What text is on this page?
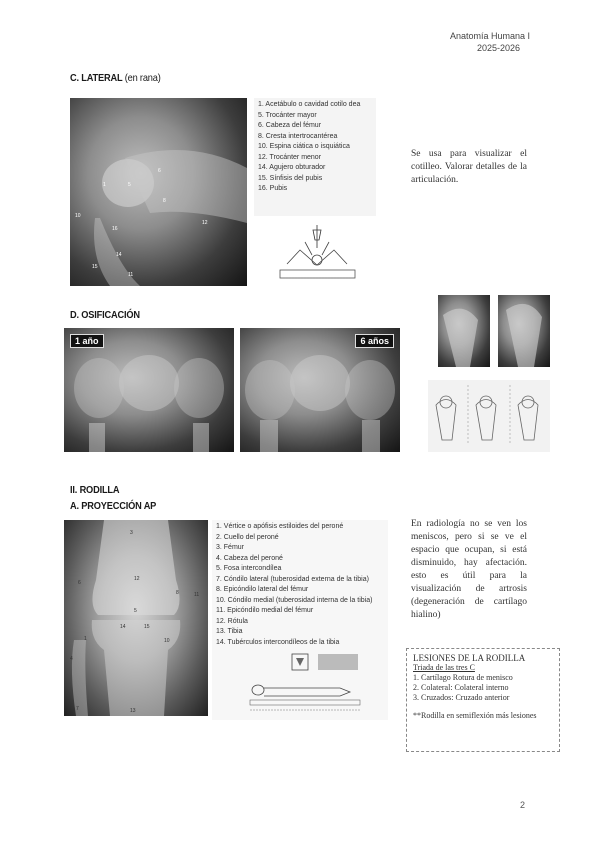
Anatomía Humana I
2025-2026
C. LATERAL (en rana)
10
1	5
6
8
12
16
14
15
11
1. Acetábulo o cavidad cotilo dea
5. Trocánter mayor
6. Cabeza del fémur
8. Cresta intertrocantérea
10. Espina ciática o isquiática
12. Trocánter menor
14. Agujero obturador
15. Sínfisis del pubis
16. Pubis
Se usa para visualizar el cotilleo. Valorar detalles de la articulación.
D. OSIFICACIÓN
1 año	6 años
II. RODILLA
A. PROYECCIÓN AP
3
6
12
11
8
5
14	15
1	10
4
7	13
1. Vértice o apófisis estiloides del peroné
2. Cuello del peroné
3. Fémur
4. Cabeza del peroné
5. Fosa intercondílea
7. Cóndilo lateral (tuberosidad externa de la tibia)
8. Epicóndilo lateral del fémur
10. Cóndilo medial (tuberosidad interna de la tibia)
11. Epicóndilo medial del fémur
12. Rótula
13. Tibia
14. Tubérculos intercondíleos de la tibia
En radiología no se ven los meniscos, pero si se ve el espacio que ocupan, si está disminuido, hay afectación. esto es útil para la visualización de artrosis (degeneración de cartílago hialino)
LESIONES DE LA RODILLA
Triada de las tres C
1. Cartílago Rotura de menisco
2. Colateral: Colateral interno
3. Cruzados: Cruzado anterior
**Rodilla en semiflexión más lesiones
2
